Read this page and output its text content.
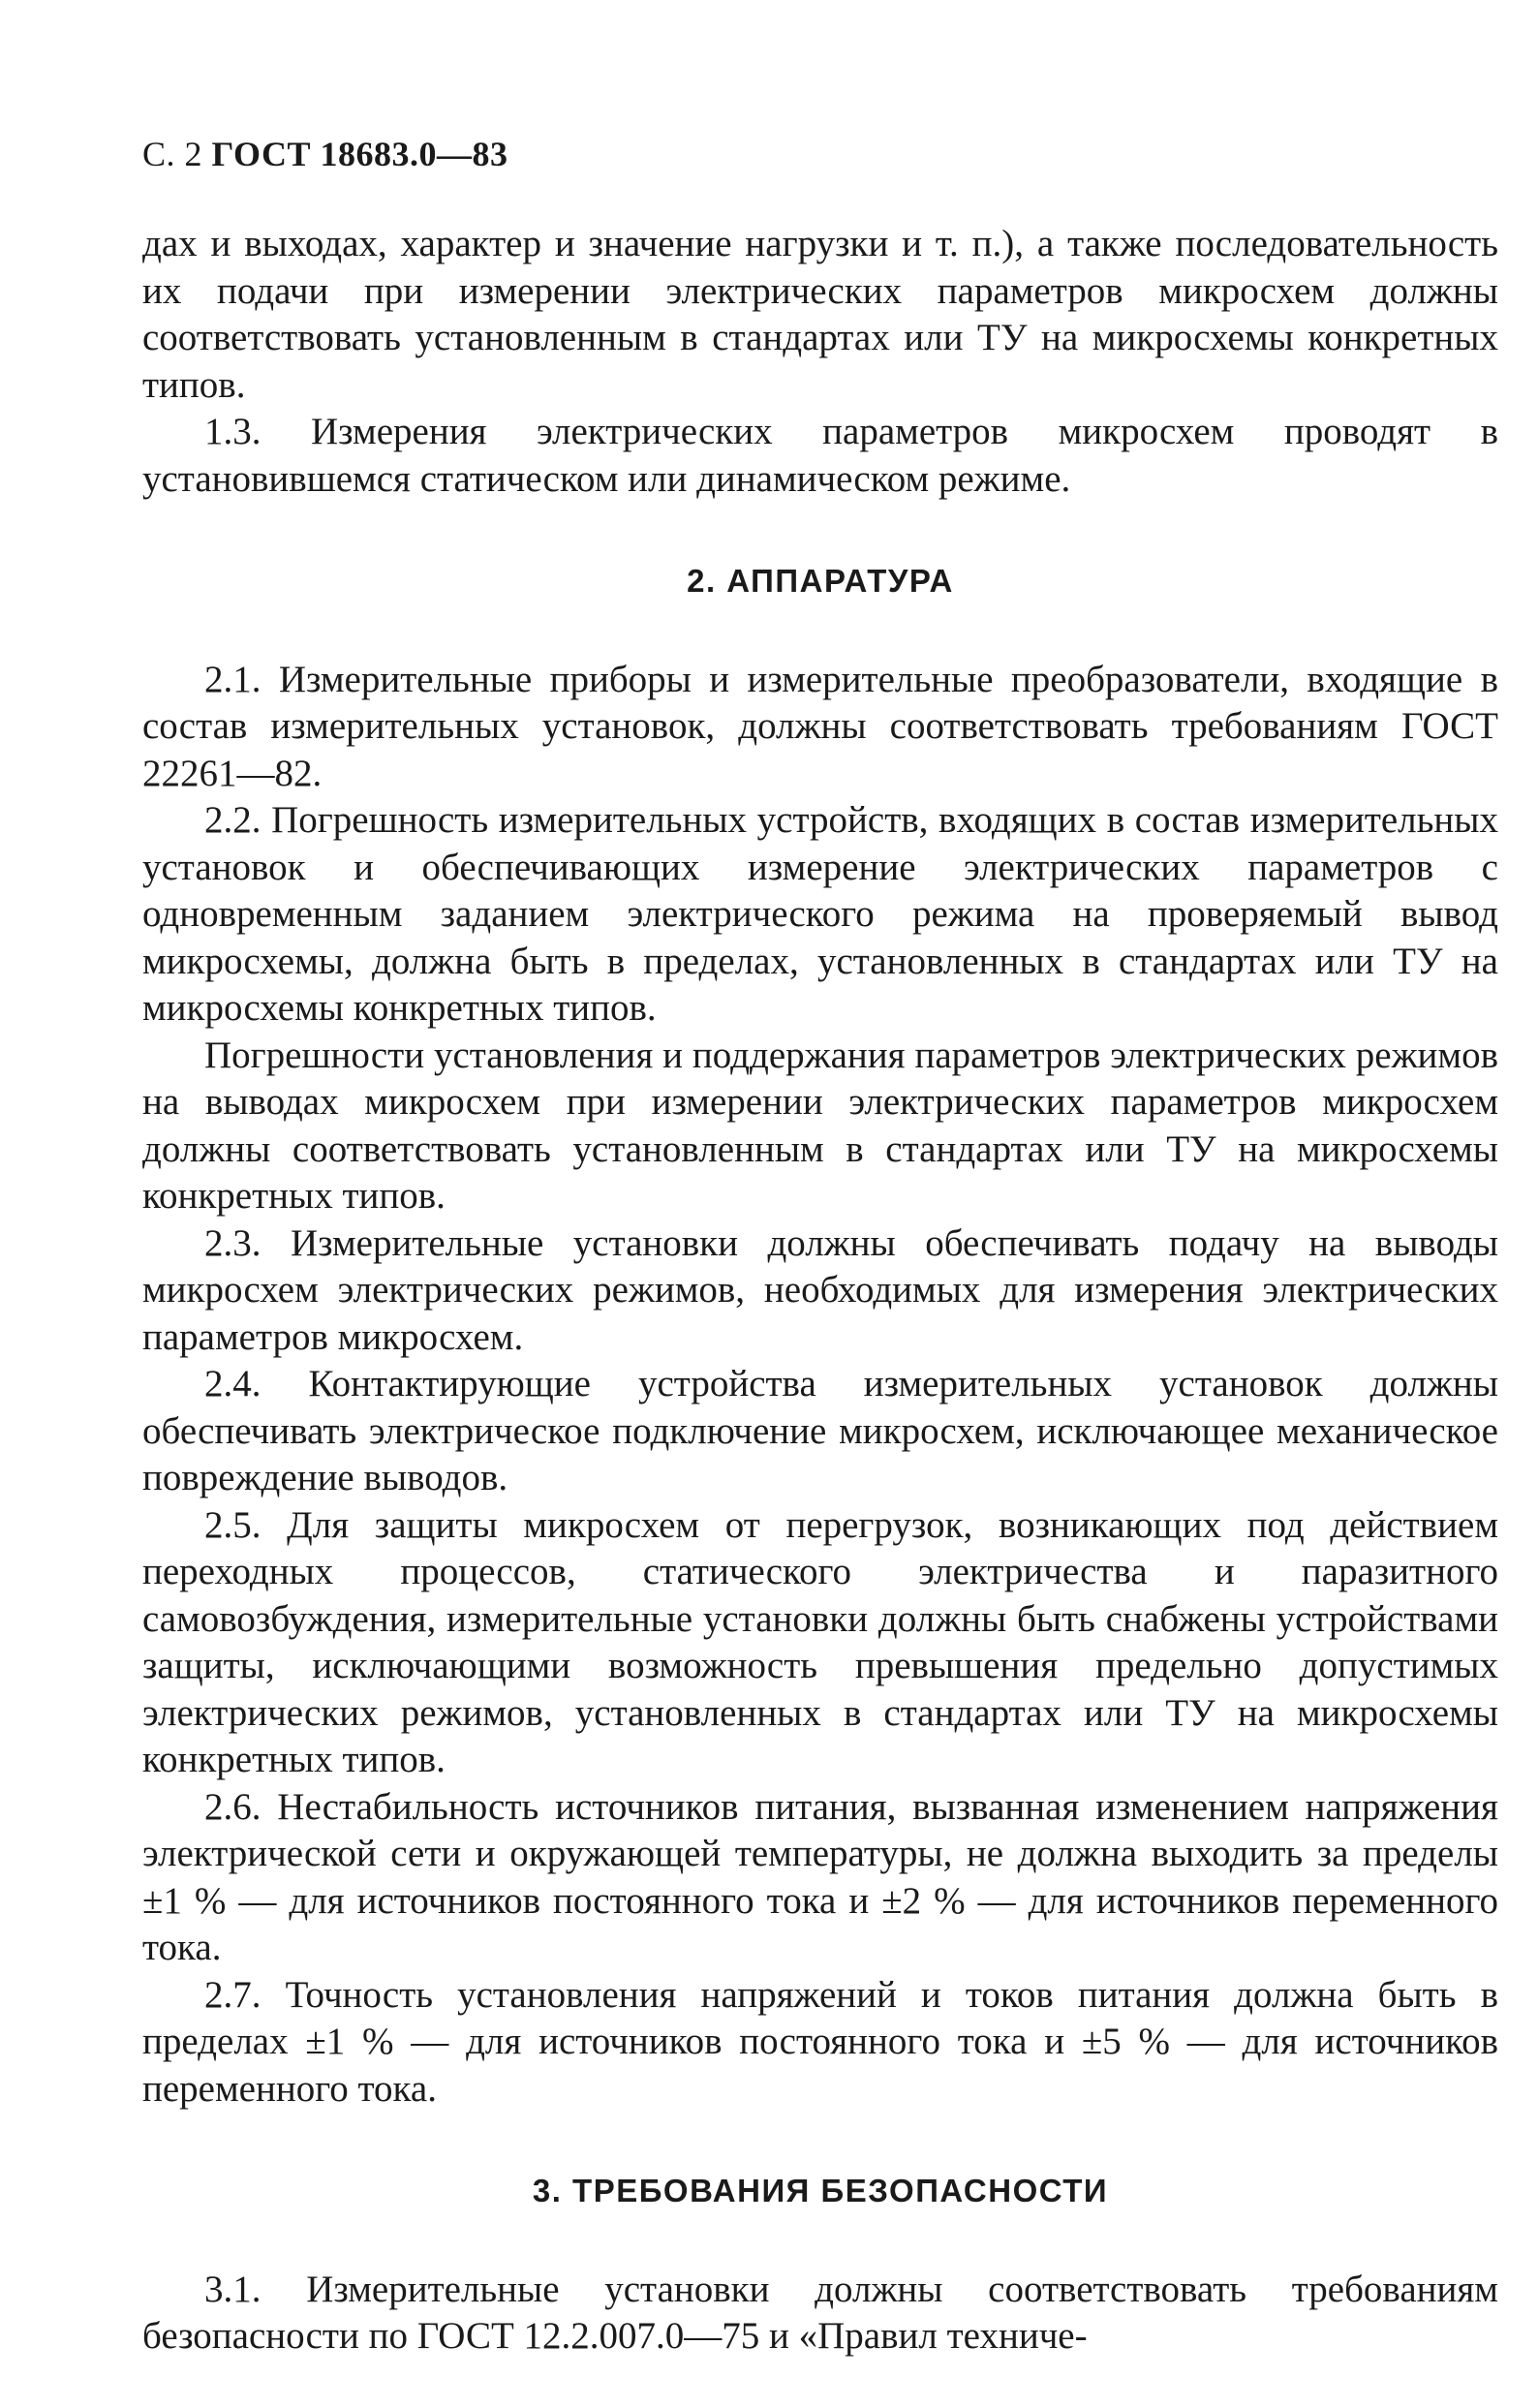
С. 2 ГОСТ 18683.0—83

дах и выходах, характер и значение нагрузки и т. п.), а также последовательность их подачи при измерении электрических параметров микросхем должны соответствовать установленным в стандартах или ТУ на микросхемы конкретных типов.

1.3. Измерения электрических параметров микросхем проводят в установившемся статическом или динамическом режиме.

2. АППАРАТУРА

2.1. Измерительные приборы и измерительные преобразователи, входящие в состав измерительных установок, должны соответствовать требованиям ГОСТ 22261—82.

2.2. Погрешность измерительных устройств, входящих в состав измерительных установок и обеспечивающих измерение электрических параметров с одновременным заданием электрического режима на проверяемый вывод микросхемы, должна быть в пределах, установленных в стандартах или ТУ на микросхемы конкретных типов.

Погрешности установления и поддержания параметров электрических режимов на выводах микросхем при измерении электрических параметров микросхем должны соответствовать установленным в стандартах или ТУ на микросхемы конкретных типов.

2.3. Измерительные установки должны обеспечивать подачу на выводы микросхем электрических режимов, необходимых для измерения электрических параметров микросхем.

2.4. Контактирующие устройства измерительных установок должны обеспечивать электрическое подключение микросхем, исключающее механическое повреждение выводов.

2.5. Для защиты микросхем от перегрузок, возникающих под действием переходных процессов, статического электричества и паразитного самовозбуждения, измерительные установки должны быть снабжены устройствами защиты, исключающими возможность превышения предельно допустимых электрических режимов, установленных в стандартах или ТУ на микросхемы конкретных типов.

2.6. Нестабильность источников питания, вызванная изменением напряжения электрической сети и окружающей температуры, не должна выходить за пределы ±1 % — для источников постоянного тока и ±2 % — для источников переменного тока.

2.7. Точность установления напряжений и токов питания должна быть в пределах ±1 % — для источников постоянного тока и ±5 % — для источников переменного тока.

3. ТРЕБОВАНИЯ БЕЗОПАСНОСТИ

3.1. Измерительные установки должны соответствовать требованиям безопасности по ГОСТ 12.2.007.0—75 и «Правил техниче-
